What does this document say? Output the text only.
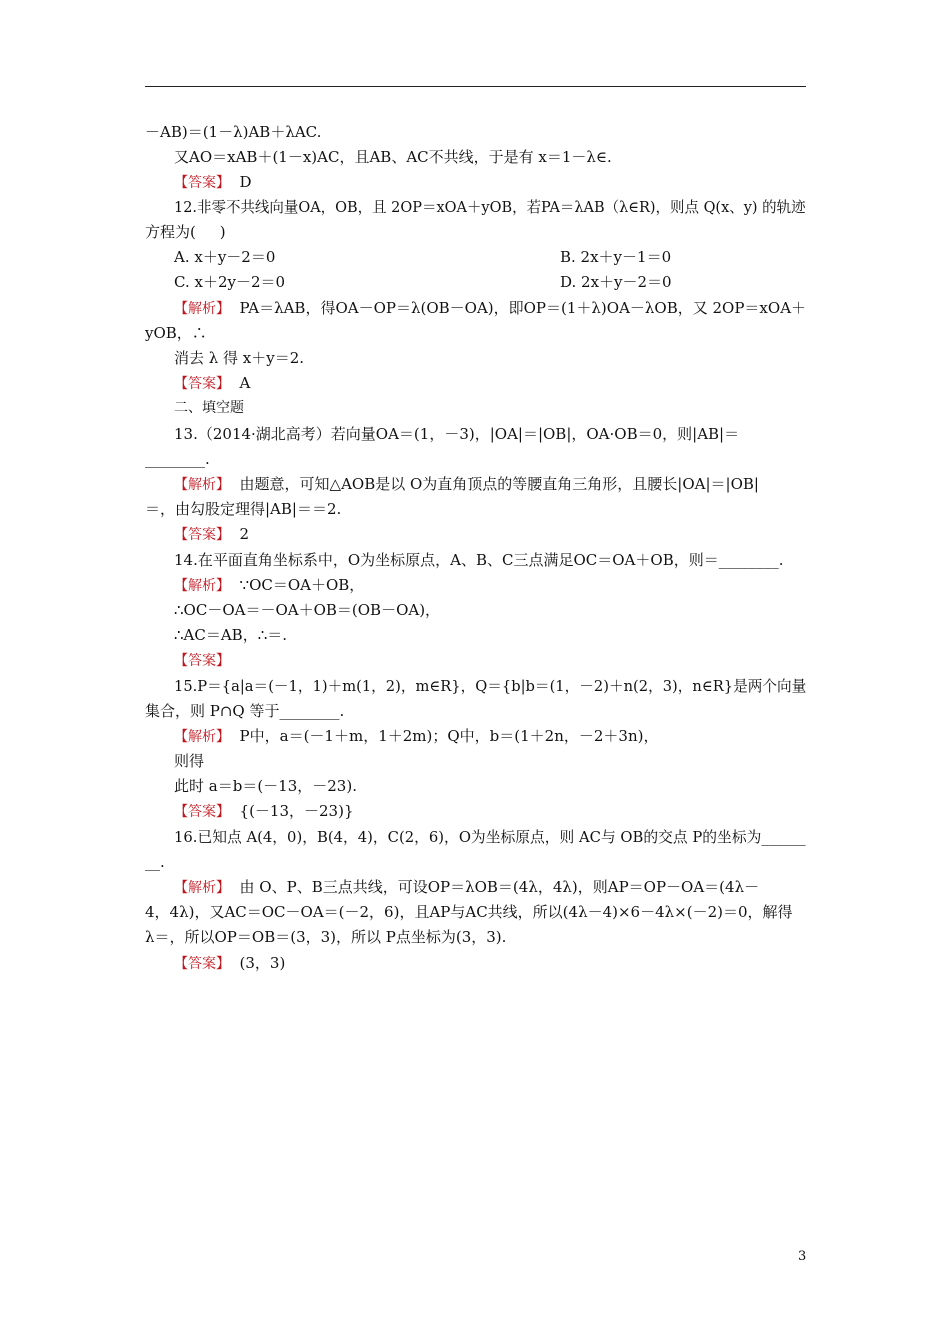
－AB)＝(1－λ)AB＋λAC.
又AO＝xAB＋(1－x)AC，且AB、AC不共线，于是有 x＝1－λ∈.
【答案】  D
12.非零不共线向量OA，OB，且 2OP＝xOA＋yOB，若PA＝λAB（λ∈R)，则点 Q(x、y) 的轨迹
方程为(     )
A. x＋y－2＝0	B. 2x＋y－1＝0
C. x＋2y－2＝0	D. 2x＋y－2＝0
【解析】  PA＝λAB，得OA－OP＝λ(OB－OA)，即OP＝(1＋λ)OA－λOB，又 2OP＝xOA＋
yOB，∴
消去 λ 得 x＋y＝2.
【答案】  A
二、填空题
13.（2014·湖北高考）若向量OA＝(1，－3)，|OA|＝|OB|，OA·OB＝0，则|AB|＝
________.
【解析】  由题意，可知△AOB是以 O为直角顶点的等腰直角三角形，且腰长|OA|＝|OB|
＝，由勾股定理得|AB|＝＝2.
【答案】  2
14.在平面直角坐标系中，O为坐标原点，A、B、C三点满足OC＝OA＋OB，则＝________.
【解析】  ∵OC＝OA＋OB，
∴OC－OA＝－OA＋OB＝(OB－OA)，
∴AC＝AB，∴＝.
【答案】
15.P＝{a|a＝(－1，1)＋m(1，2)，m∈R}，Q＝{b|b＝(1，－2)＋n(2，3)，n∈R}是两个向量
集合，则 P∩Q 等于________.
【解析】  P中，a＝(－1＋m，1＋2m)；Q中，b＝(1＋2n，－2＋3n)，
则得
此时 a＝b＝(－13，－23).
【答案】  {(－13，－23)}
16.已知点 A(4，0)，B(4，4)，C(2，6)，O为坐标原点，则 AC与 OB的交点 P的坐标为______
__.
【解析】  由 O、P、B三点共线，可设OP＝λOB＝(4λ，4λ)，则AP＝OP－OA＝(4λ－
4，4λ)，又AC＝OC－OA＝(－2，6)，且AP与AC共线，所以(4λ－4)×6－4λ×(－2)＝0，解得
λ＝，所以OP＝OB＝(3，3)，所以 P点坐标为(3，3).
【答案】  (3，3)
3
